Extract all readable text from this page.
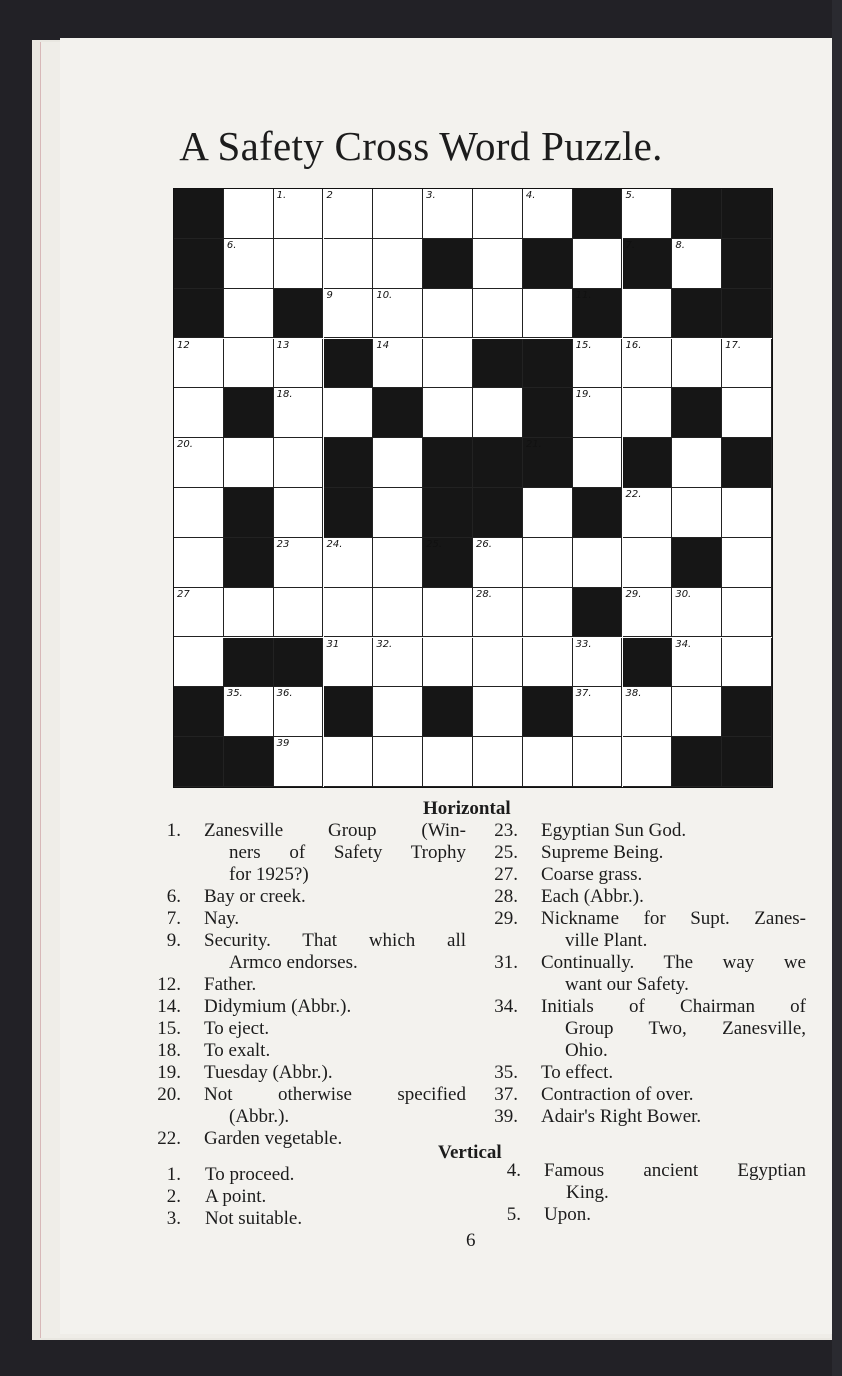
A Safety Cross Word Puzzle.
1.	2	3.	4.	5.
6.	7.	8.
9	10.	11.
12	13	14	15.	16.	17.
18.	19.
20.	21.
22.
23	24.	25.	26.
27	28.	29.	30.
31	32.	33.	34.
35.	36.	37.	38.
39
Horizontal
Vertical
1. Zanesville Group (Win-
ners of Safety Trophy
for 1925?)
6. Bay or creek.
7. Nay.
9. Security. That which all
Armco endorses.
12. Father.
14. Didymium (Abbr.).
15. To eject.
18. To exalt.
19. Tuesday (Abbr.).
20. Not otherwise specified
(Abbr.).
22. Garden vegetable.
23. Egyptian Sun God.
25. Supreme Being.
27. Coarse grass.
28. Each (Abbr.).
29. Nickname for Supt. Zanes-
ville Plant.
31. Continually. The way we
want our Safety.
34. Initials of Chairman of
Group Two, Zanesville,
Ohio.
35. To effect.
37. Contraction of over.
39. Adair's Right Bower.
1. To proceed.
2. A point.
3. Not suitable.
4. Famous ancient Egyptian
King.
5. Upon.
6
